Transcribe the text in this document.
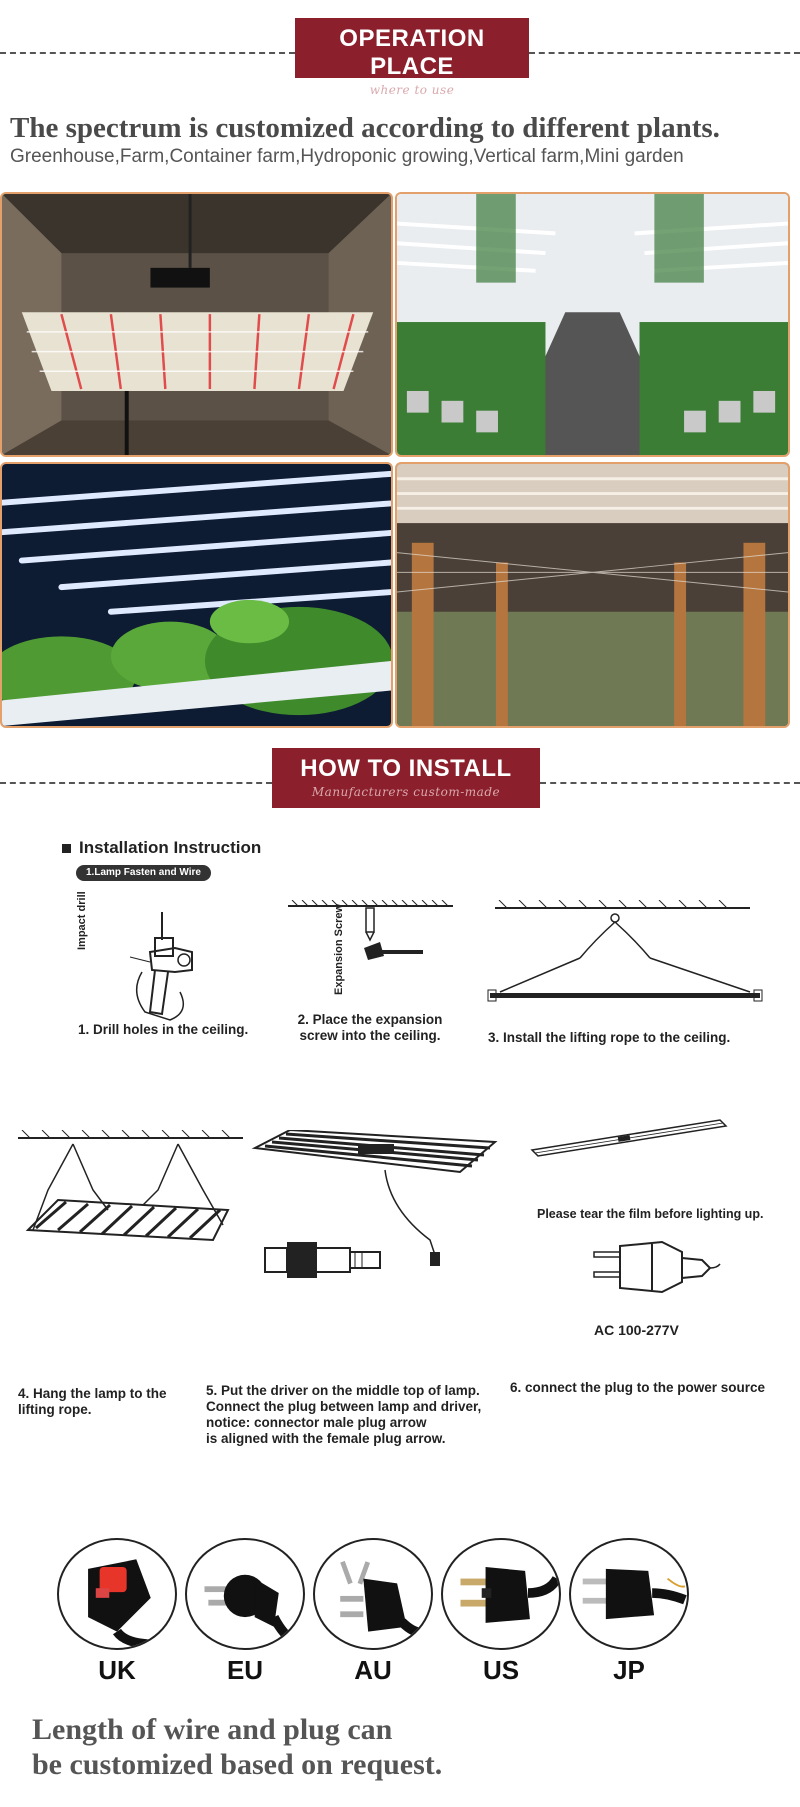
OPERATION PLACE
where to use
The spectrum is customized according to different plants.
Greenhouse,Farm,Container farm,Hydroponic growing,Vertical farm,Mini garden
HOW TO INSTALL
Manufacturers custom-made
Installation Instruction
1.Lamp Fasten and Wire
Impact drill	Expansion Screw
1. Drill holes in the ceiling.
2. Place the expansion screw into the ceiling.	3. Install the lifting rope to the ceiling.
Please tear the film before lighting up.
AC 100-277V
4. Hang the lamp to the lifting rope.
5. Put the driver on the middle top of lamp.
Connect the plug between lamp and driver,
notice: connector male plug arrow
is aligned with the female plug arrow.
6. connect the plug to the power source
UK	EU	AU	US	JP
Length of wire and plug can
be customized based on request.
